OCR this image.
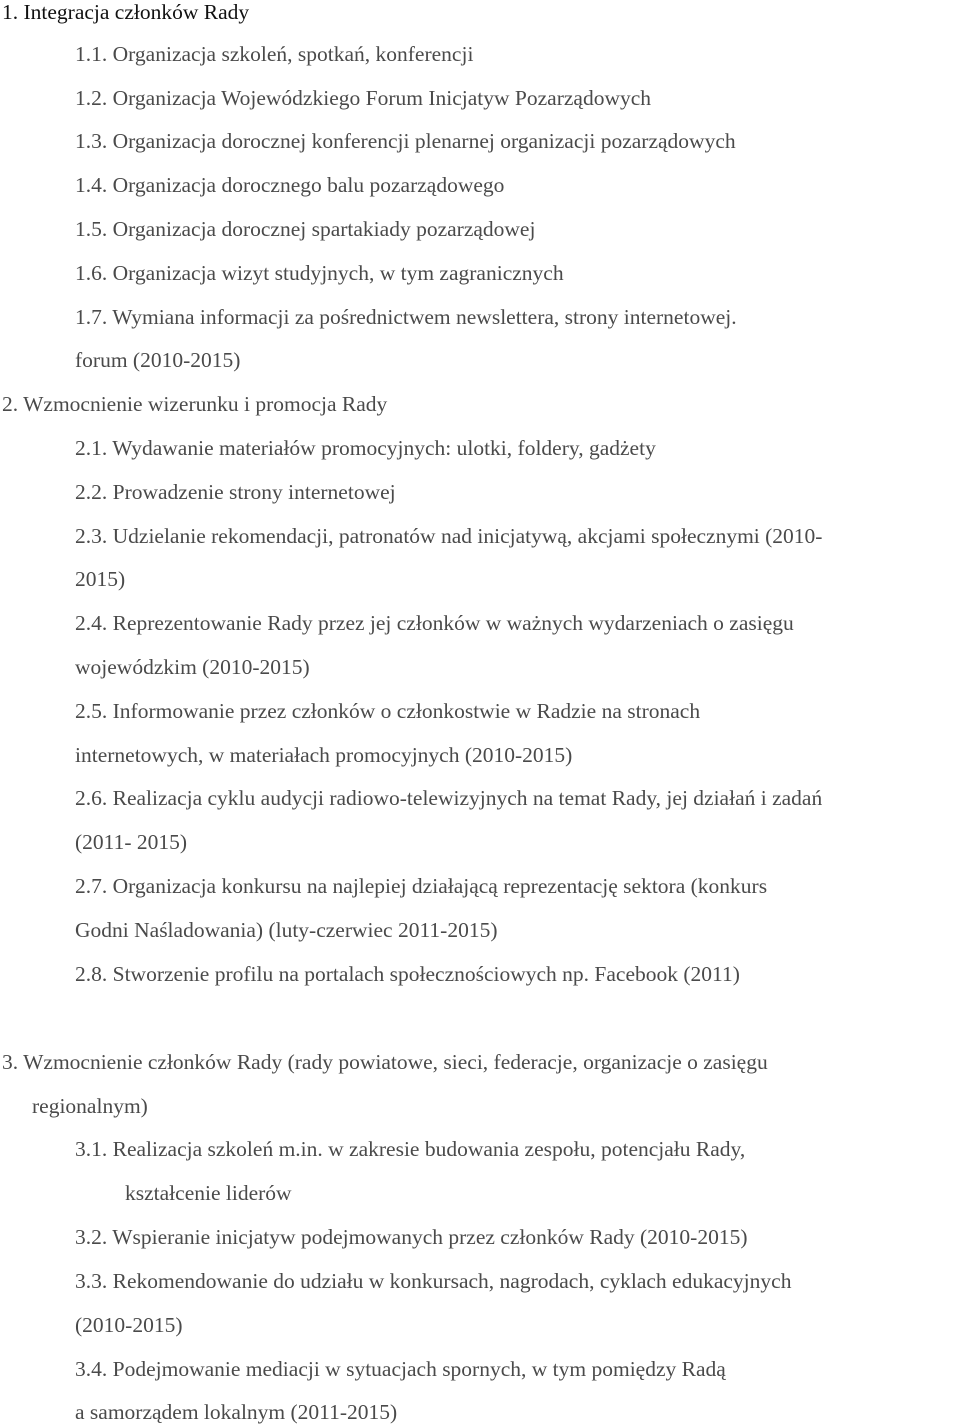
1. Integracja członków Rady

1.1. Organizacja szkoleń, spotkań, konferencji

1.2. Organizacja Wojewódzkiego Forum Inicjatyw Pozarządowych

1.3. Organizacja dorocznej konferencji plenarnej organizacji pozarządowych

1.4. Organizacja dorocznego balu pozarządowego

1.5. Organizacja dorocznej spartakiady pozarządowej

1.6. Organizacja wizyt studyjnych, w tym zagranicznych

1.7. Wymiana informacji za pośrednictwem newslettera, strony internetowej.

forum (2010-2015)

2. Wzmocnienie wizerunku i promocja Rady

2.1. Wydawanie materiałów promocyjnych: ulotki, foldery, gadżety

2.2. Prowadzenie strony internetowej

2.3. Udzielanie rekomendacji, patronatów nad inicjatywą, akcjami społecznymi (2010-

2015)

2.4. Reprezentowanie Rady przez jej członków w ważnych wydarzeniach o zasięgu

wojewódzkim (2010-2015)

2.5. Informowanie przez członków o członkostwie w Radzie na stronach

internetowych, w materiałach promocyjnych (2010-2015)

2.6. Realizacja cyklu audycji radiowo-telewizyjnych na temat Rady, jej działań i zadań

(2011- 2015)

2.7. Organizacja konkursu na najlepiej działającą reprezentację sektora (konkurs

Godni Naśladowania) (luty-czerwiec 2011-2015)

2.8. Stworzenie profilu na portalach społecznościowych np. Facebook (2011)

3. Wzmocnienie członków Rady (rady powiatowe, sieci, federacje, organizacje o zasięgu

regionalnym)

3.1. Realizacja szkoleń m.in. w zakresie budowania zespołu, potencjału Rady,

kształcenie liderów

3.2. Wspieranie inicjatyw podejmowanych przez członków Rady (2010-2015)

3.3. Rekomendowanie do udziału w konkursach, nagrodach, cyklach edukacyjnych

(2010-2015)

3.4. Podejmowanie mediacji w sytuacjach spornych, w tym pomiędzy Radą

a samorządem lokalnym (2011-2015)
